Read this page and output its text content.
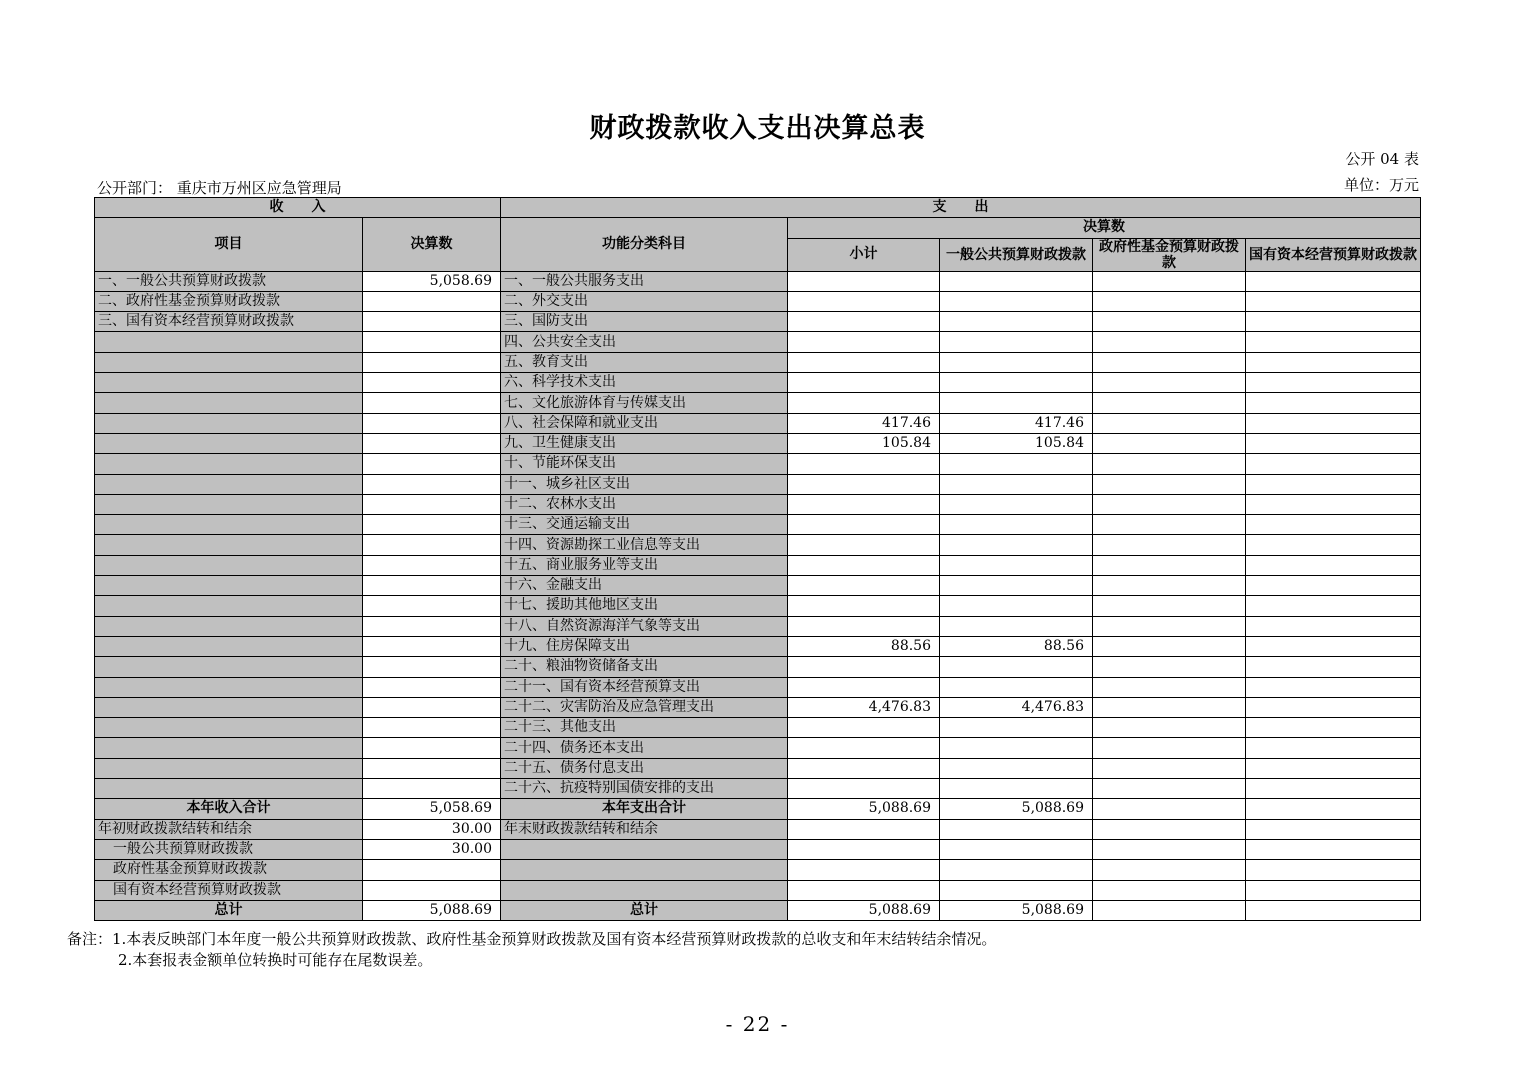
财政拨款收入支出决算总表
公开 04 表
公开部门： 重庆市万州区应急管理局	单位：万元
收　　入		支　　出				
项目	决算数	功能分类科目	决算数			
			小计	一般公共预算财政拨款	政府性基金预算财政拨款	国有资本经营预算财政拨款

一、一般公共预算财政拨款	5,058.69	一、一般公共服务支出				
二、政府性基金预算财政拨款		二、外交支出				
三、国有资本经营预算财政拨款		三、国防支出				
		四、公共安全支出				
		五、教育支出				
		六、科学技术支出				
		七、文化旅游体育与传媒支出				
		八、社会保障和就业支出	417.46	417.46		
		九、卫生健康支出	105.84	105.84		
		十、节能环保支出				
		十一、城乡社区支出				
		十二、农林水支出				
		十三、交通运输支出				
		十四、资源勘探工业信息等支出				
		十五、商业服务业等支出				
		十六、金融支出				
		十七、援助其他地区支出				
		十八、自然资源海洋气象等支出				
		十九、住房保障支出	88.56	88.56		
		二十、粮油物资储备支出				
		二十一、国有资本经营预算支出				
		二十二、灾害防治及应急管理支出	4,476.83	4,476.83		
		二十三、其他支出				
		二十四、债务还本支出				
		二十五、债务付息支出				
		二十六、抗疫特别国债安排的支出				
本年收入合计	5,058.69	本年支出合计	5,088.69	5,088.69		
年初财政拨款结转和结余	30.00	年末财政拨款结转和结余				
一般公共预算财政拨款	30.00					
政府性基金预算财政拨款						
国有资本经营预算财政拨款						
总计	5,088.69	总计	5,088.69	5,088.69		
备注：1.本表反映部门本年度一般公共预算财政拨款、政府性基金预算财政拨款及国有资本经营预算财政拨款的总收支和年末结转结余情况。
2.本套报表金额单位转换时可能存在尾数误差。
- 22 -
